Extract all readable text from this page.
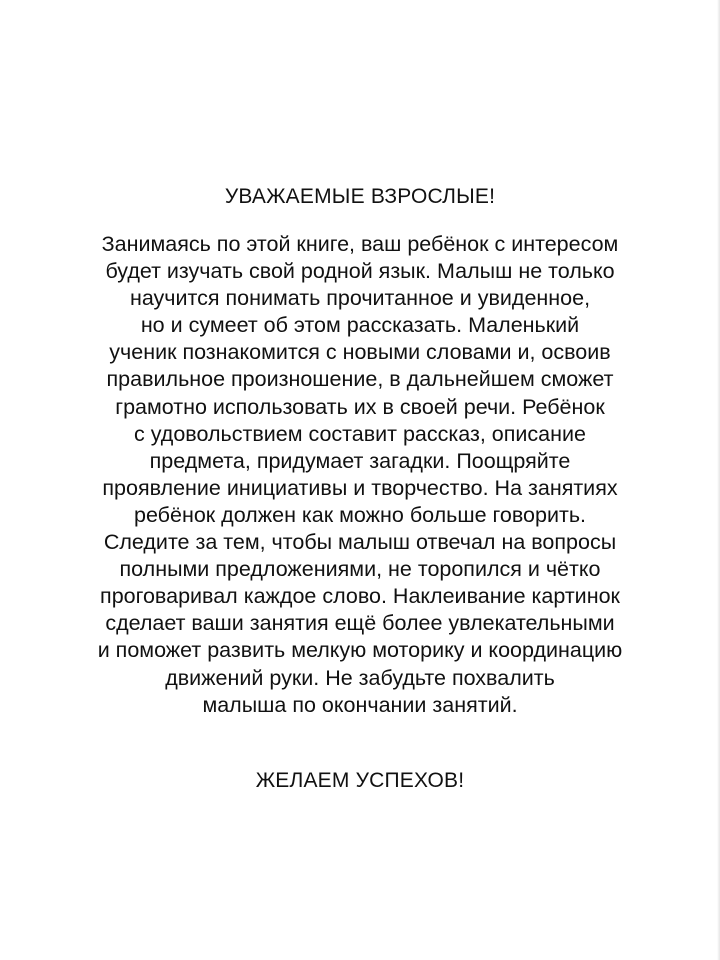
УВАЖАЕМЫЕ ВЗРОСЛЫЕ!

Занимаясь по этой книге, ваш ребёнок с интересом
будет изучать свой родной язык. Малыш не только
научится понимать прочитанное и увиденное,
но и сумеет об этом рассказать. Маленький
ученик познакомится с новыми словами и, освоив
правильное произношение, в дальнейшем сможет
грамотно использовать их в своей речи. Ребёнок
с удовольствием составит рассказ, описание
предмета, придумает загадки. Поощряйте
проявление инициативы и творчество. На занятиях
ребёнок должен как можно больше говорить.
Следите за тем, чтобы малыш отвечал на вопросы
полными предложениями, не торопился и чётко
проговаривал каждое слово. Наклеивание картинок
сделает ваши занятия ещё более увлекательными
и поможет развить мелкую моторику и координацию
движений руки. Не забудьте похвалить
малыша по окончании занятий.

ЖЕЛАЕМ УСПЕХОВ!
